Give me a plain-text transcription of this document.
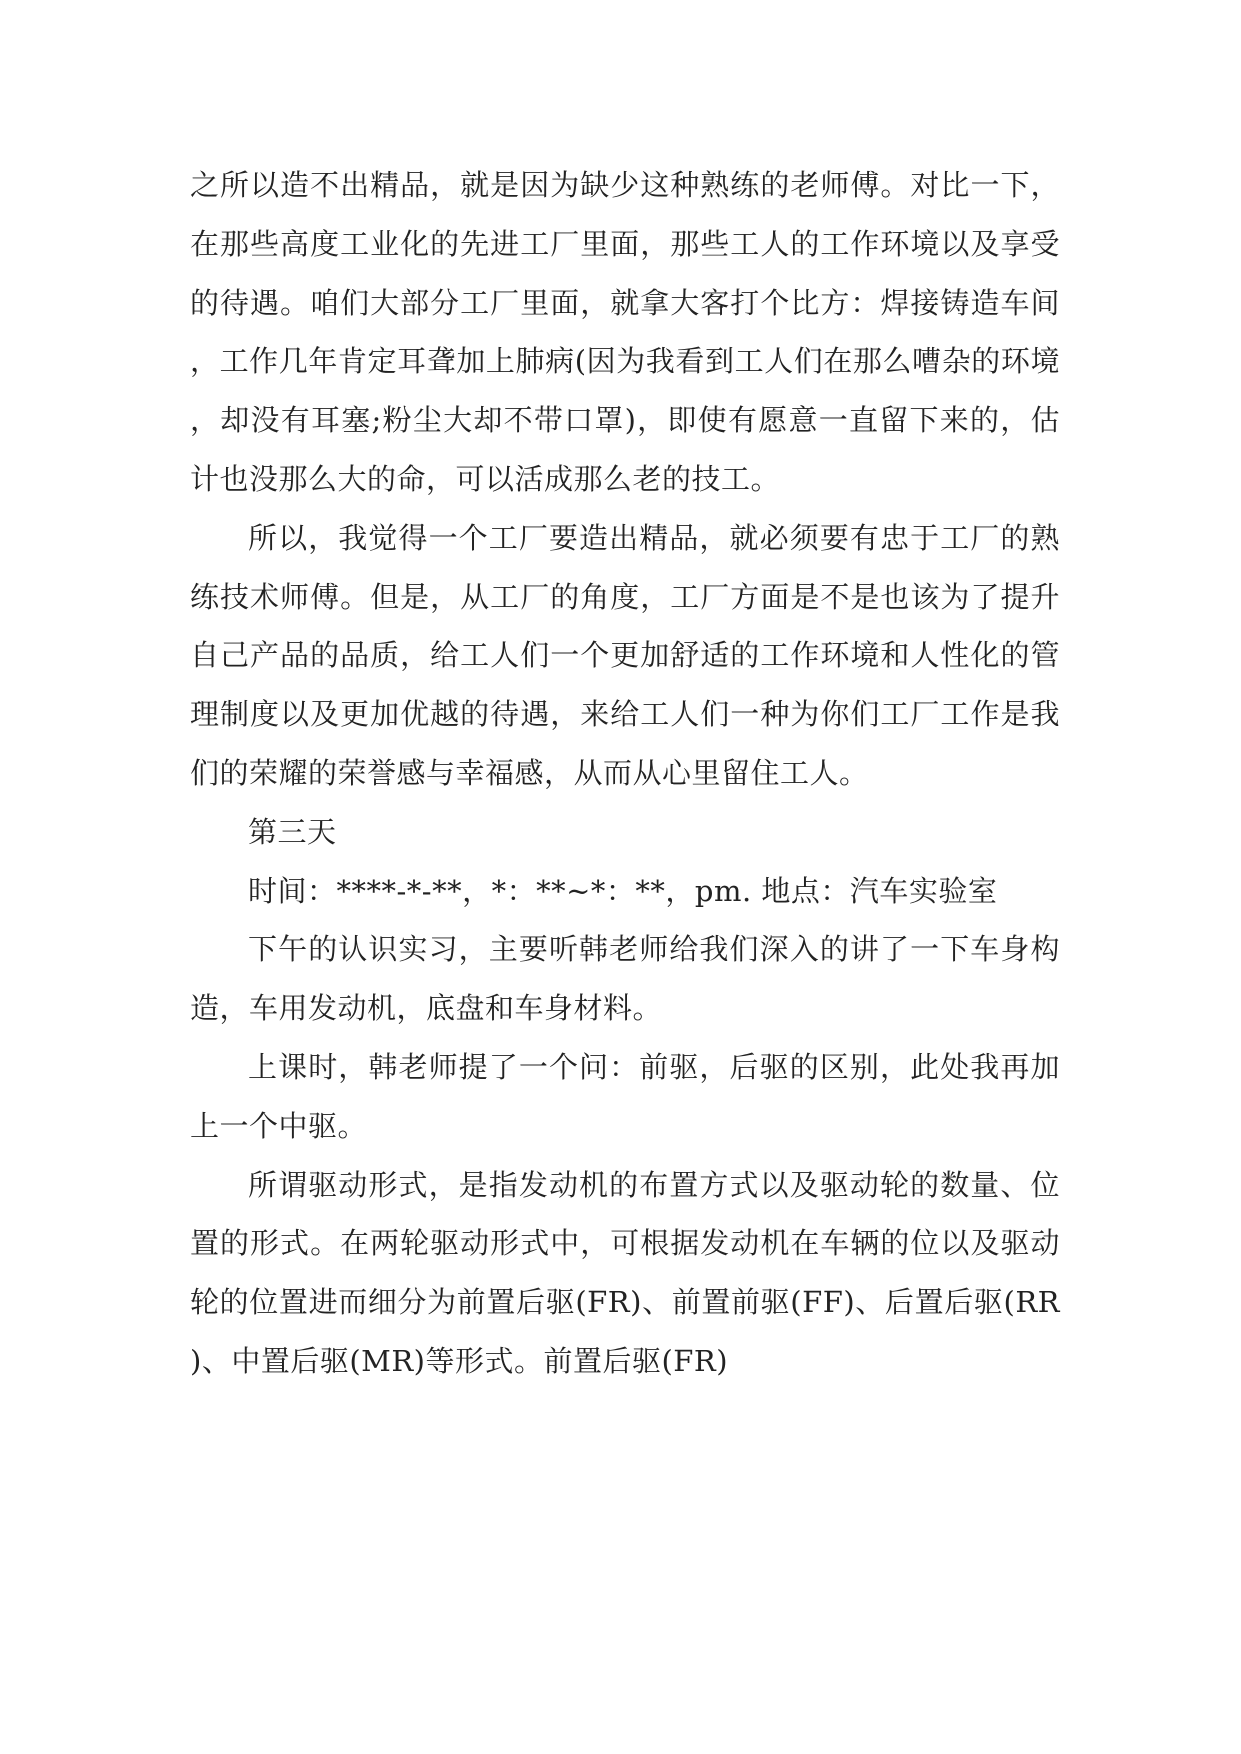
之所以造不出精品，就是因为缺少这种熟练的老师傅。对比一下，在那些高度工业化的先进工厂里面，那些工人的工作环境以及享受的待遇。咱们大部分工厂里面，就拿大客打个比方：焊接铸造车间，工作几年肯定耳聋加上肺病(因为我看到工人们在那么嘈杂的环境，却没有耳塞;粉尘大却不带口罩)，即使有愿意一直留下来的，估计也没那么大的命，可以活成那么老的技工。

所以，我觉得一个工厂要造出精品，就必须要有忠于工厂的熟练技术师傅。但是，从工厂的角度，工厂方面是不是也该为了提升自己产品的品质，给工人们一个更加舒适的工作环境和人性化的管理制度以及更加优越的待遇，来给工人们一种为你们工厂工作是我们的荣耀的荣誉感与幸福感，从而从心里留住工人。

第三天

时间：****-*-**，*：**~*：**，pm. 地点：汽车实验室

下午的认识实习，主要听韩老师给我们深入的讲了一下车身构造，车用发动机，底盘和车身材料。

上课时，韩老师提了一个问：前驱，后驱的区别，此处我再加上一个中驱。

所谓驱动形式，是指发动机的布置方式以及驱动轮的数量、位置的形式。在两轮驱动形式中，可根据发动机在车辆的位以及驱动轮的位置进而细分为前置后驱(FR)、前置前驱(FF)、后置后驱(RR)、中置后驱(MR)等形式。前置后驱(FR)
